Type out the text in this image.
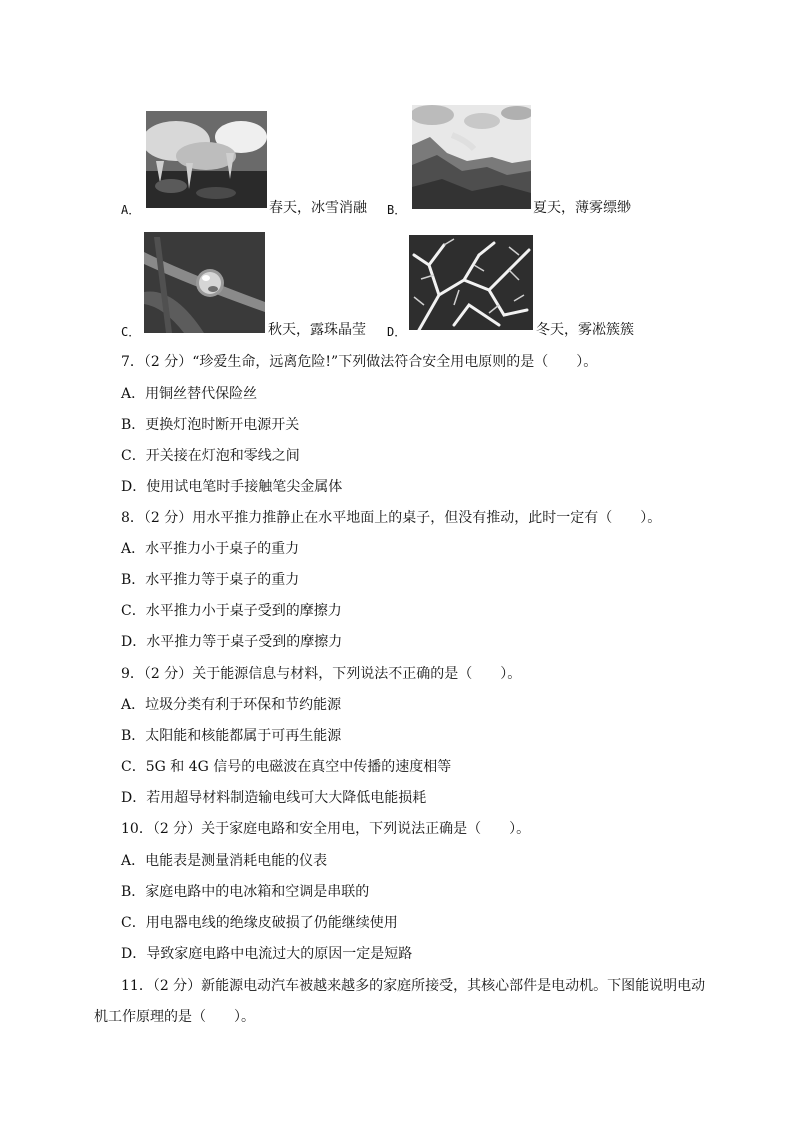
A．	春天，冰雪消融 B．	夏天，薄雾缥缈
C．	秋天，露珠晶莹 D．	冬天，雾凇簇簇
7．（2 分）“珍爱生命，远离危险!”下列做法符合安全用电原则的是（　　）。
A．用铜丝替代保险丝
B．更换灯泡时断开电源开关
C．开关接在灯泡和零线之间
D．使用试电笔时手接触笔尖金属体
8．（2 分）用水平推力推静止在水平地面上的桌子，但没有推动，此时一定有（　　）。
A．水平推力小于桌子的重力
B．水平推力等于桌子的重力
C．水平推力小于桌子受到的摩擦力
D．水平推力等于桌子受到的摩擦力
9．（2 分）关于能源信息与材料，下列说法不正确的是（　　）。
A．垃圾分类有利于环保和节约能源
B．太阳能和核能都属于可再生能源
C．5G 和 4G 信号的电磁波在真空中传播的速度相等
D．若用超导材料制造输电线可大大降低电能损耗
10．（2 分）关于家庭电路和安全用电，下列说法正确是（　　）。
A．电能表是测量消耗电能的仪表
B．家庭电路中的电冰箱和空调是串联的
C．用电器电线的绝缘皮破损了仍能继续使用
D．导致家庭电路中电流过大的原因一定是短路
11．（2 分）新能源电动汽车被越来越多的家庭所接受，其核心部件是电动机。下图能说明电动
机工作原理的是（　　）。
